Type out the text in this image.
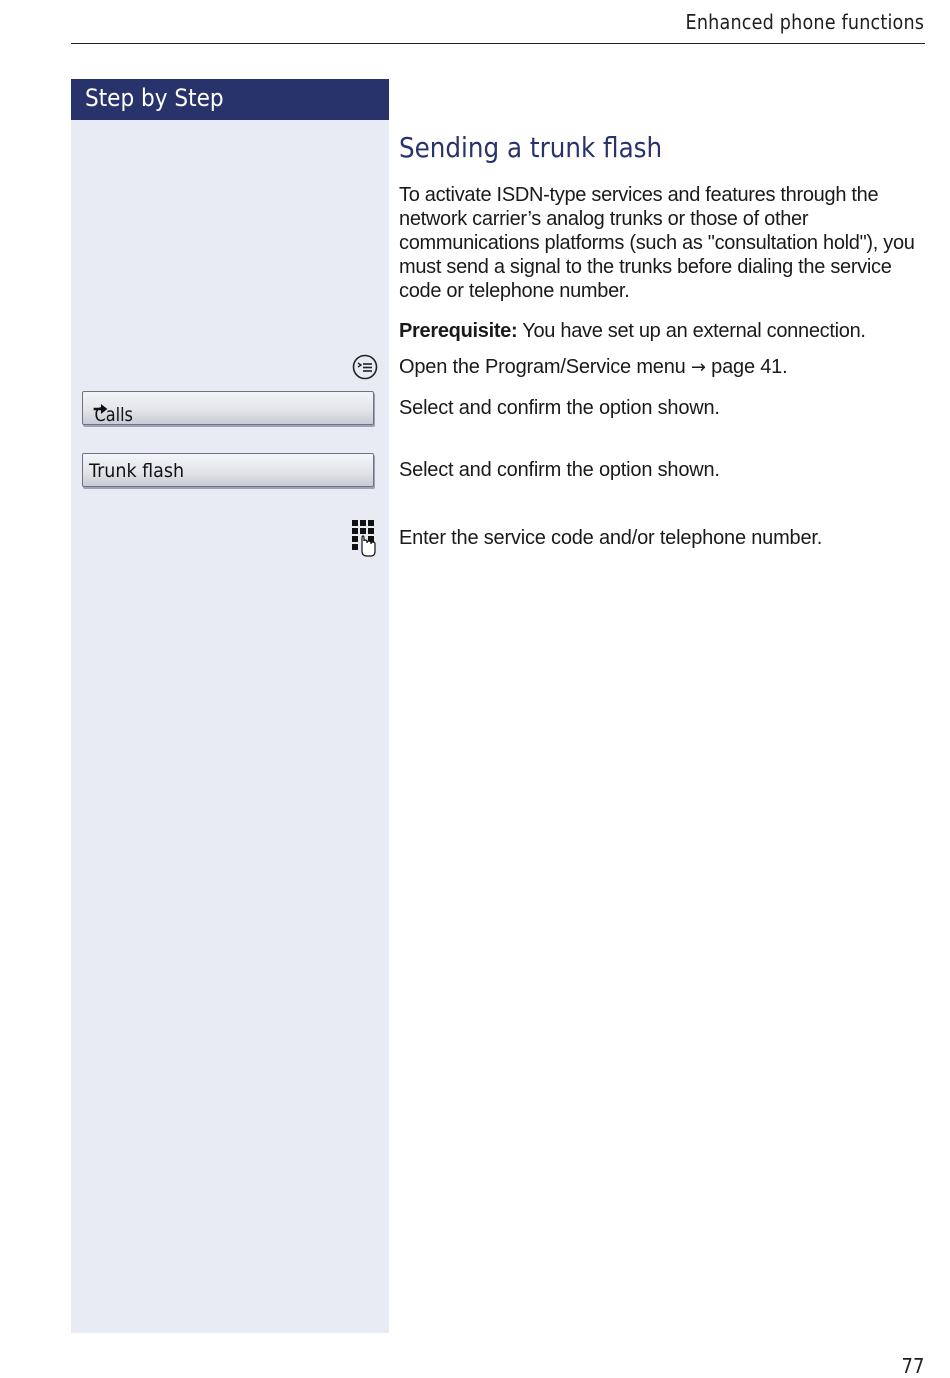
Enhanced phone functions
Step by Step
Calls
Trunk flash
Sending a trunk flash
To activate ISDN-type services and features through the network carrier’s analog trunks or those of other communications platforms (such as "consultation hold"), you must send a signal to the trunks before dialing the service code or telephone number.
Prerequisite: You have set up an external connection.
Open the Program/Service menu → page 41.
Select and confirm the option shown.
Select and confirm the option shown.
Enter the service code and/or telephone number.
77
